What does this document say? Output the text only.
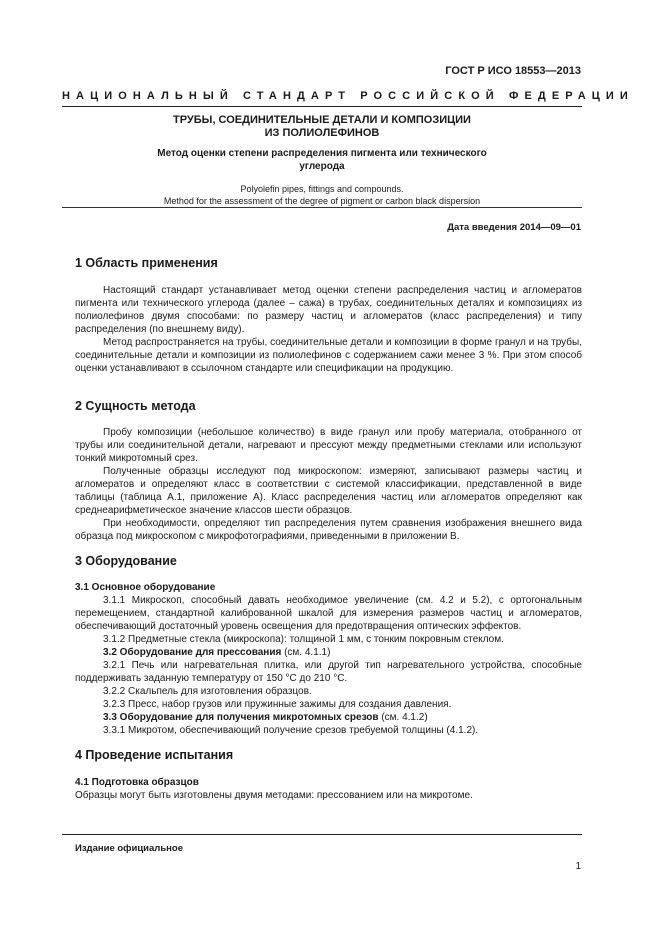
ГОСТ Р ИСО 18553—2013
НАЦИОНАЛЬНЫЙ СТАНДАРТ РОССИЙСКОЙ ФЕДЕРАЦИИ
ТРУБЫ, СОЕДИНИТЕЛЬНЫЕ ДЕТАЛИ И КОМПОЗИЦИИ
ИЗ ПОЛИОЛЕФИНОВ
Метод оценки степени распределения пигмента или технического
углерода
Polyolefin pipes, fittings and compounds.
Method for the assessment of the degree of pigment or carbon black dispersion
Дата введения 2014—09—01
1 Область применения

Настоящий стандарт устанавливает метод оценки степени распределения частиц и агломератов пигмента или технического углерода (далее – сажа) в трубах, соединительных деталях и композициях из полиолефинов двумя способами: по размеру частиц и агломератов (класс распределения) и типу распределения (по внешнему виду).

Метод распространяется на трубы, соединительные детали и композиции в форме гранул и на трубы, соединительные детали и композиции из полиолефинов с содержанием сажи менее 3 %. При этом способ оценки устанавливают в ссылочном стандарте или спецификации на продукцию.

2 Сущность метода

Пробу композиции (небольшое количество) в виде гранул или пробу материала, отобранного от трубы или соединительной детали, нагревают и прессуют между предметными стеклами или используют тонкий микротомный срез.

Полученные образцы исследуют под микроскопом: измеряют, записывают размеры частиц и агломератов и определяют класс в соответствии с системой классификации, представленной в виде таблицы (таблица А.1, приложение А). Класс распределения частиц или агломератов определяют как среднеарифметическое значение классов шести образцов.

При необходимости, определяют тип распределения путем сравнения изображения внешнего вида образца под микроскопом с микрофотографиями, приведенными в приложении В.

3 Оборудование

3.1 Основное оборудование

3.1.1 Микроскоп, способный давать необходимое увеличение (см. 4.2 и 5.2), с ортогональным перемещением, стандартной калиброванной шкалой для измерения размеров частиц и агломератов, обеспечивающий достаточный уровень освещения для предотвращения оптических эффектов.

3.1.2 Предметные стекла (микроскопа): толщиной 1 мм, с тонким покровным стеклом.

3.2 Оборудование для прессования (см. 4.1.1)

3.2.1 Печь или нагревательная плитка, или другой тип нагревательного устройства, способные поддерживать заданную температуру от 150 °С до 210 °С.

3.2.2 Скальпель для изготовления образцов.

3.2.3 Пресс, набор грузов или пружинные зажимы для создания давления.

3.3 Оборудование для получения микротомных срезов (см. 4.1.2)

3.3.1 Микротом, обеспечивающий получение срезов требуемой толщины (4.1.2).

4 Проведение испытания

4.1 Подготовка образцов

Образцы могут быть изготовлены двумя методами: прессованием или на микротоме.

Издание официальное
1
